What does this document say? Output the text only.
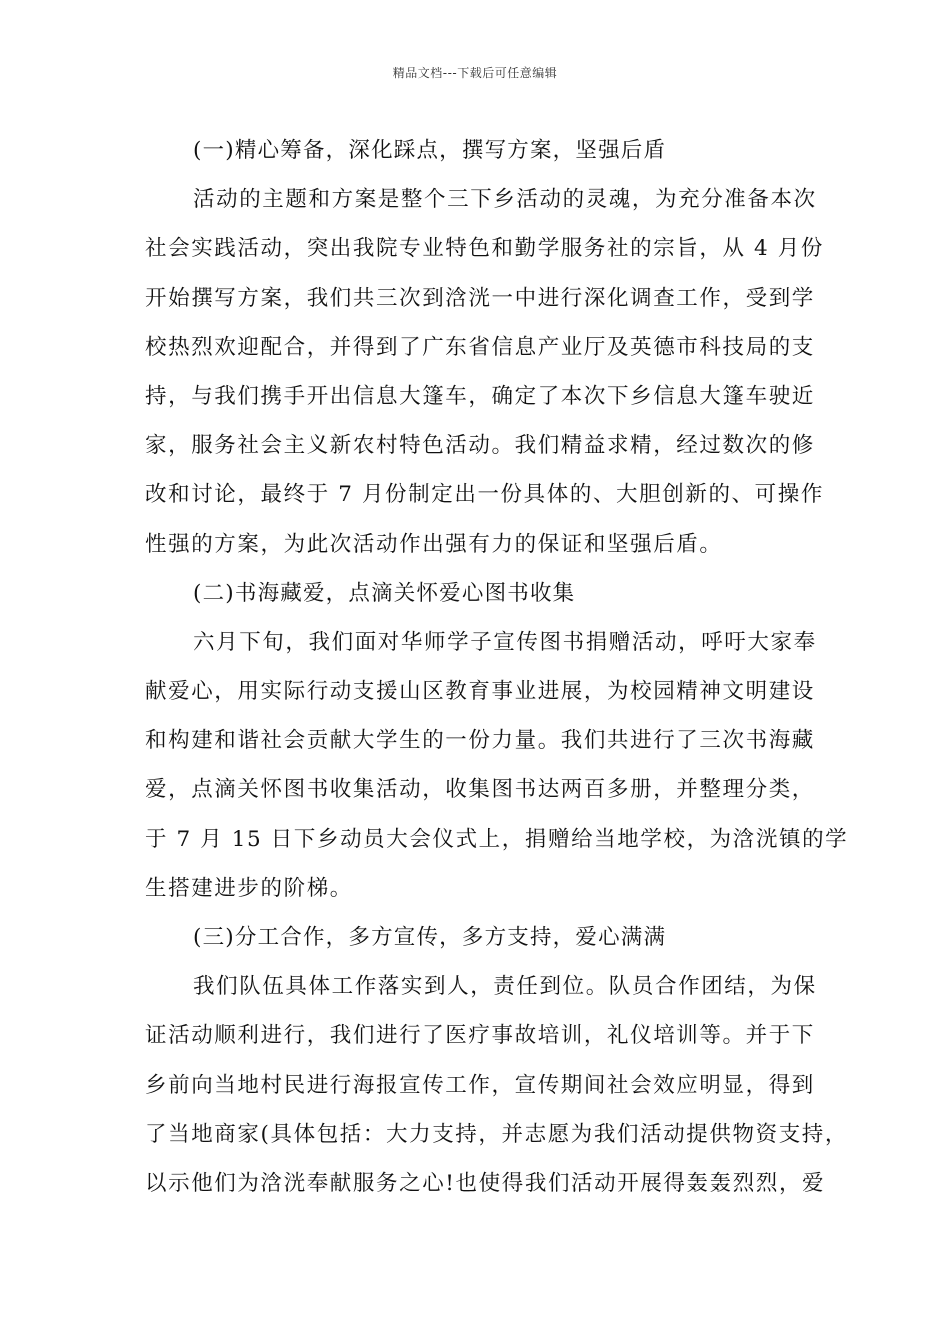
精品文档---下载后可任意编辑
(一)精心筹备，深化踩点，撰写方案，坚强后盾
活动的主题和方案是整个三下乡活动的灵魂，为充分准备本次
社会实践活动，突出我院专业特色和勤学服务社的宗旨，从 4 月份
开始撰写方案，我们共三次到浛洸一中进行深化调查工作，受到学
校热烈欢迎配合，并得到了广东省信息产业厅及英德市科技局的支
持，与我们携手开出信息大篷车，确定了本次下乡信息大篷车驶近
家，服务社会主义新农村特色活动。我们精益求精，经过数次的修
改和讨论，最终于 7 月份制定出一份具体的、大胆创新的、可操作
性强的方案，为此次活动作出强有力的保证和坚强后盾。
(二)书海藏爱，点滴关怀爱心图书收集
六月下旬，我们面对华师学子宣传图书捐赠活动，呼吁大家奉
献爱心，用实际行动支援山区教育事业进展，为校园精神文明建设
和构建和谐社会贡献大学生的一份力量。我们共进行了三次书海藏
爱，点滴关怀图书收集活动，收集图书达两百多册，并整理分类，
于 7 月 15 日下乡动员大会仪式上，捐赠给当地学校，为浛洸镇的学
生搭建进步的阶梯。
(三)分工合作，多方宣传，多方支持，爱心满满
我们队伍具体工作落实到人，责任到位。队员合作团结，为保
证活动顺利进行，我们进行了医疗事故培训，礼仪培训等。并于下
乡前向当地村民进行海报宣传工作，宣传期间社会效应明显，得到
了当地商家(具体包括：大力支持，并志愿为我们活动提供物资支持，
以示他们为浛洸奉献服务之心!也使得我们活动开展得轰轰烈烈，爱
